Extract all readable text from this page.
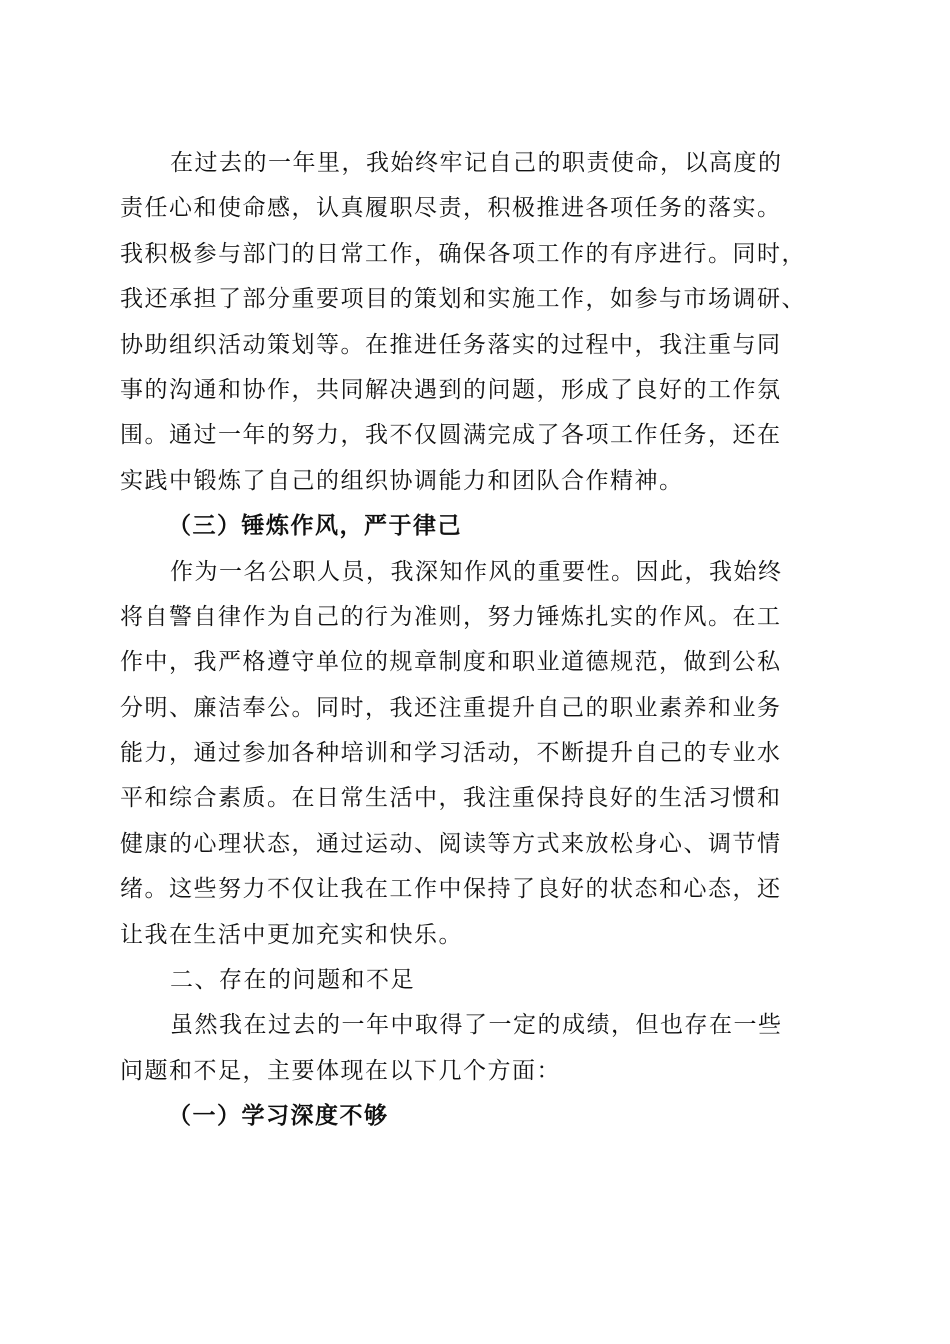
在过去的一年里，我始终牢记自己的职责使命，以高度的
责任心和使命感，认真履职尽责，积极推进各项任务的落实。
我积极参与部门的日常工作，确保各项工作的有序进行。同时，
我还承担了部分重要项目的策划和实施工作，如参与市场调研、
协助组织活动策划等。在推进任务落实的过程中，我注重与同
事的沟通和协作，共同解决遇到的问题，形成了良好的工作氛
围。通过一年的努力，我不仅圆满完成了各项工作任务，还在
实践中锻炼了自己的组织协调能力和团队合作精神。
（三）锤炼作风，严于律己
作为一名公职人员，我深知作风的重要性。因此，我始终
将自警自律作为自己的行为准则，努力锤炼扎实的作风。在工
作中，我严格遵守单位的规章制度和职业道德规范，做到公私
分明、廉洁奉公。同时，我还注重提升自己的职业素养和业务
能力，通过参加各种培训和学习活动，不断提升自己的专业水
平和综合素质。在日常生活中，我注重保持良好的生活习惯和
健康的心理状态，通过运动、阅读等方式来放松身心、调节情
绪。这些努力不仅让我在工作中保持了良好的状态和心态，还
让我在生活中更加充实和快乐。
二、存在的问题和不足
虽然我在过去的一年中取得了一定的成绩，但也存在一些
问题和不足，主要体现在以下几个方面：
（一）学习深度不够
